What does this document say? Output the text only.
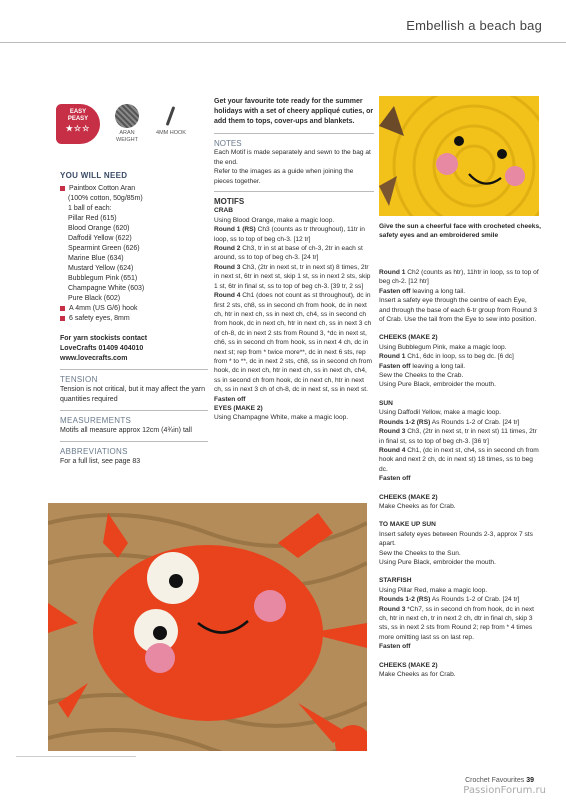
Embellish a beach bag
EASY
PEASY
★☆☆	ARAN WEIGHT
4MM HOOK
YOU WILL NEED
Paintbox Cotton Aran
(100% cotton, 50g/85m)
1 ball of each:
Pillar Red (615)
Blood Orange (620)
Daffodil Yellow (622)
Spearmint Green (626)
Marine Blue (634)
Mustard Yellow (624)
Bubblegum Pink (651)
Champagne White (603)
Pure Black (602)
A 4mm (US G/6) hook
6 safety eyes, 8mm
For yarn stockists contact
LoveCrafts 01409 404010
www.lovecrafts.com
TENSION
Tension is not critical, but it may affect the yarn quantities required
MEASUREMENTS
Motifs all measure approx 12cm (4¾in) tall
ABBREVIATIONS
For a full list, see page 83

Get your favourite tote ready for the summer holidays with a set of cheery appliqué cuties, or add them to tops, cover-ups and blankets.

NOTES

Each Motif is made separately and sewn to the bag at the end.

Refer to the images as a guide when joining the pieces together.

MOTIFS

CRAB

Using Blood Orange, make a magic loop.

Round 1 (RS) Ch3 (counts as tr throughout), 11tr in loop, ss to top of beg ch-3. [12 tr]

Round 2 Ch3, tr in st at base of ch-3, 2tr in each st around, ss to top of beg ch-3. [24 tr]

Round 3 Ch3, (2tr in next st, tr in next st) 8 times, 2tr in next st, 6tr in next st, skip 1 st, ss in next 2 sts, skip 1 st, 6tr in final st, ss to top of beg ch-3. [39 tr, 2 ss]

Round 4 Ch1 (does not count as st throughout), dc in first 2 sts, ch8, ss in second ch from hook, dc in next ch, htr in next ch, ss in next ch, ch4, ss in second ch from hook, dc in next ch, htr in next ch, ss in next 3 ch of ch-8, dc in next 2 sts from Round 3, *dc in next st, ch6, ss in second ch from hook, ss in next 4 ch, dc in next st; rep from * twice more**, dc in next 6 sts, rep from * to **, dc in next 2 sts, ch8, ss in second ch from hook, dc in next ch, htr in next ch, ss in next ch, ch4, ss in second ch from hook, dc in next ch, htr in next ch, ss in next 3 ch of ch-8, dc in next st, ss in next st.

Fasten off

EYES (MAKE 2)

Using Champagne White, make a magic loop.

Give the sun a cheerful face with crocheted cheeks, safety eyes and an embroidered smile

Round 1 Ch2 (counts as htr), 11htr in loop, ss to top of beg ch-2. [12 htr]

Fasten off leaving a long tail.

Insert a safety eye through the centre of each Eye, and through the base of each 6-tr group from Round 3 of Crab. Use the tail from the Eye to sew into position.

CHEEKS (MAKE 2)

Using Bubblegum Pink, make a magic loop.

Round 1 Ch1, 6dc in loop, ss to beg dc. [6 dc]

Fasten off leaving a long tail.

Sew the Cheeks to the Crab.

Using Pure Black, embroider the mouth.

SUN

Using Daffodil Yellow, make a magic loop.

Rounds 1-2 (RS) As Rounds 1-2 of Crab. [24 tr]

Round 3 Ch3, (2tr in next st, tr in next st) 11 times, 2tr in final st, ss to top of beg ch-3. [36 tr]

Round 4 Ch1, (dc in next st, ch4, ss in second ch from hook and next 2 ch, dc in next st) 18 times, ss to beg dc.

Fasten off

CHEEKS (MAKE 2)

Make Cheeks as for Crab.

TO MAKE UP SUN

Insert safety eyes between Rounds 2-3, approx 7 sts apart.

Sew the Cheeks to the Sun.

Using Pure Black, embroider the mouth.

STARFISH

Using Pillar Red, make a magic loop.

Rounds 1-2 (RS) As Rounds 1-2 of Crab. [24 tr]

Round 3 *Ch7, ss in second ch from hook, dc in next ch, htr in next ch, tr in next 2 ch, dtr in final ch, skip 3 sts, ss in next 2 sts from Round 2; rep from * 4 times more omitting last ss on last rep.

Fasten off

CHEEKS (MAKE 2)

Make Cheeks as for Crab.

Crochet Favourites 39
PassionForum.ru
